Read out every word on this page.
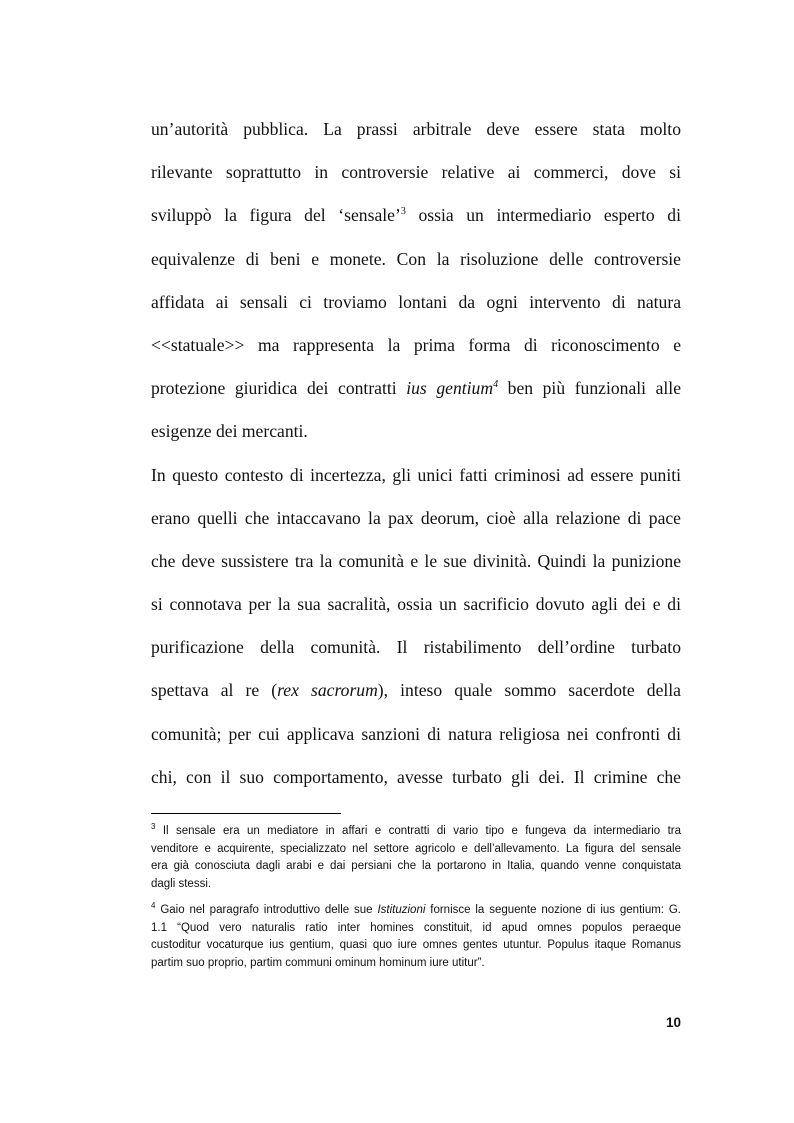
un’autorità pubblica. La prassi arbitrale deve essere stata molto
rilevante soprattutto in controversie relative ai commerci, dove si
sviluppò la figura del ‘sensale’$^3$ ossia un intermediario esperto di
equivalenze di beni e monete. Con la risoluzione delle controversie
affidata ai sensali ci troviamo lontani da ogni intervento di natura
<<statuale>> ma rappresenta la prima forma di riconoscimento e
protezione giuridica dei contratti ius gentium$^4$ ben più funzionali alle
esigenze dei mercanti.
In questo contesto di incertezza, gli unici fatti criminosi ad essere puniti
erano quelli che intaccavano la pax deorum, cioè alla relazione di pace
che deve sussistere tra la comunità e le sue divinità. Quindi la punizione
si connotava per la sua sacralità, ossia un sacrificio dovuto agli dei e di
purificazione della comunità. Il ristabilimento dell’ordine turbato
spettava al re (rex sacrorum), inteso quale sommo sacerdote della
comunità; per cui applicava sanzioni di natura religiosa nei confronti di
chi, con il suo comportamento, avesse turbato gli dei. Il crimine che
$^3$ Il sensale era un mediatore in affari e contratti di vario tipo e fungeva da intermediario tra
venditore e acquirente, specializzato nel settore agricolo e dell’allevamento. La figura del sensale
era già conosciuta dagli arabi e dai persiani che la portarono in Italia, quando venne conquistata
dagli stessi.
$^4$ Gaio nel paragrafo introduttivo delle sue Istituzioni fornisce la seguente nozione di ius gentium: G.
1.1 “Quod vero naturalis ratio inter homines constituit, id apud omnes populos peraeque
custoditur vocaturque ius gentium, quasi quo iure omnes gentes utuntur. Populus itaque Romanus
partim suo proprio, partim communi ominum hominum iure utitur”.
10
